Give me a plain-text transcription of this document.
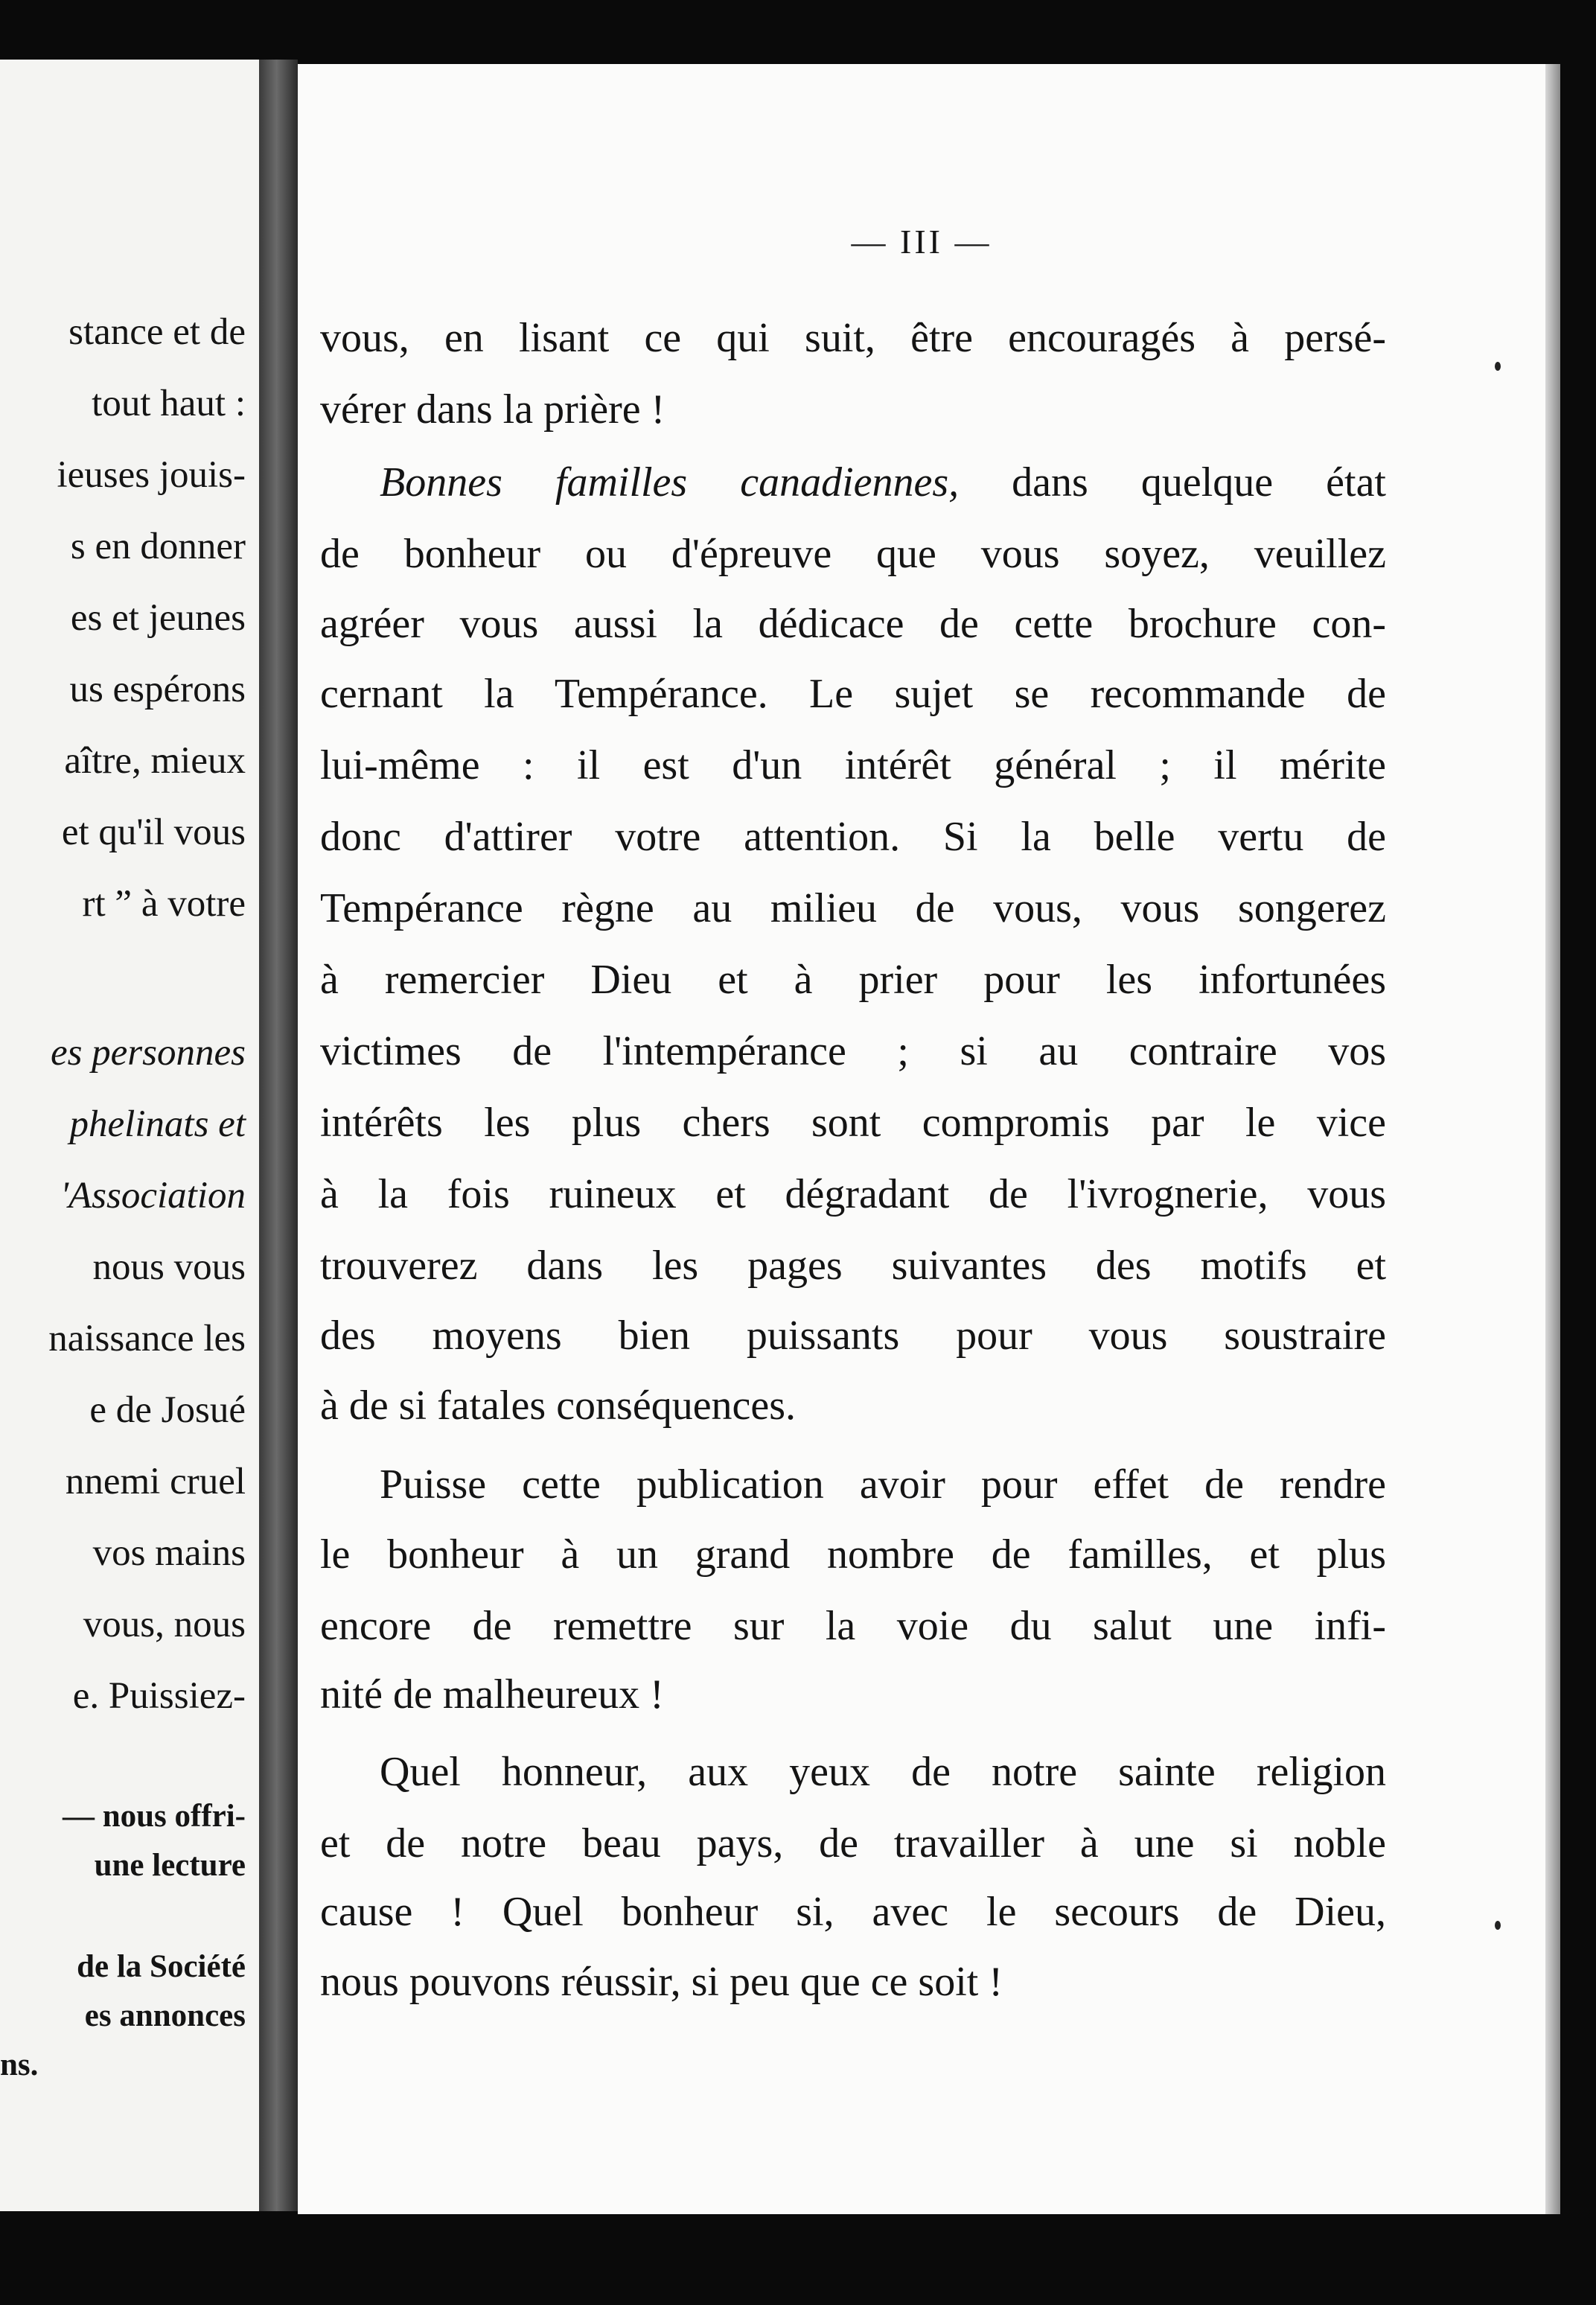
stance et de
tout haut :
ieuses jouis-
s en donner
es et jeunes
us espérons
aître, mieux
et qu'il vous
rt ” à votre
es personnes
phelinats et
'Association
nous vous
naissance les
e de Josué
nnemi cruel
vos mains
vous, nous
e. Puissiez-
— nous offri-
une lecture
de la Société
es annonces
ns.
— III —
vous, en lisant ce qui suit, être encouragés à persé-
vérer dans la prière !
Bonnes familles canadiennes, dans quelque état
de bonheur ou d'épreuve que vous soyez, veuillez
agréer vous aussi la dédicace de cette brochure con-
cernant la Tempérance. Le sujet se recommande de
lui-même : il est d'un intérêt général ; il mérite
donc d'attirer votre attention. Si la belle vertu de
Tempérance règne au milieu de vous, vous songerez
à remercier Dieu et à prier pour les infortunées
victimes de l'intempérance ; si au contraire vos
intérêts les plus chers sont compromis par le vice
à la fois ruineux et dégradant de l'ivrognerie, vous
trouverez dans les pages suivantes des motifs et
des moyens bien puissants pour vous soustraire
à de si fatales conséquences.
Puisse cette publication avoir pour effet de rendre
le bonheur à un grand nombre de familles, et plus
encore de remettre sur la voie du salut une infi-
nité de malheureux !
Quel honneur, aux yeux de notre sainte religion
et de notre beau pays, de travailler à une si noble
cause ! Quel bonheur si, avec le secours de Dieu,
nous pouvons réussir, si peu que ce soit !
